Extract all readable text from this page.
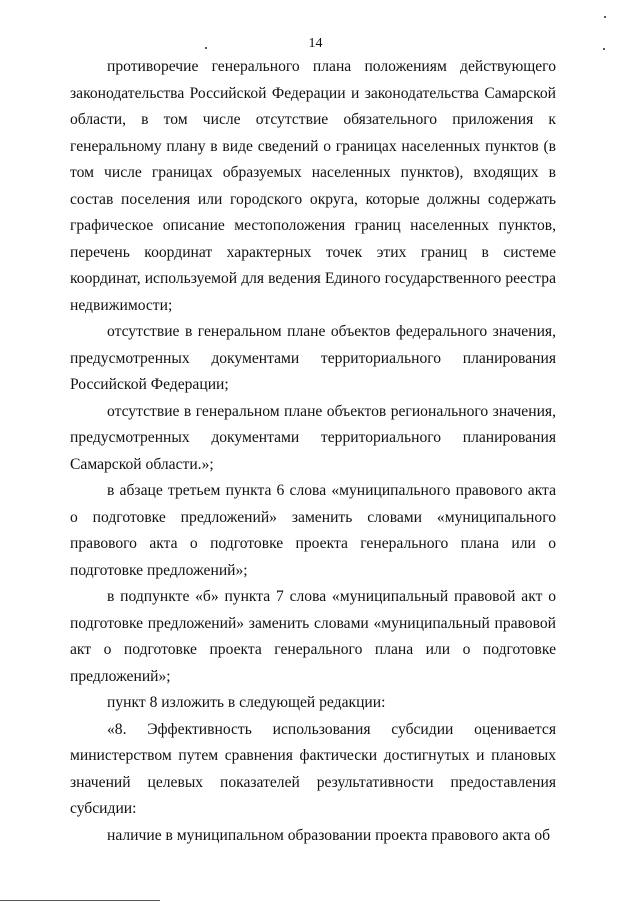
14

противоречие генерального плана положениям действующего законодательства Российской Федерации и законодательства Самарской области, в том числе отсутствие обязательного приложения к генеральному плану в виде сведений о границах населенных пунктов (в том числе границах образуемых населенных пунктов), входящих в состав поселения или городского округа, которые должны содержать графическое описание местоположения границ населенных пунктов, перечень координат характерных точек этих границ в системе координат, используемой для ведения Единого государственного реестра недвижимости;

отсутствие в генеральном плане объектов федерального значения, предусмотренных документами территориального планирования Российской Федерации;

отсутствие в генеральном плане объектов регионального значения, предусмотренных документами территориального планирования Самарской области.»;

в абзаце третьем пункта 6 слова «муниципального правового акта о подготовке предложений» заменить словами «муниципального правового акта о подготовке проекта генерального плана или о подготовке предложений»;

в подпункте «б» пункта 7 слова «муниципальный правовой акт о подготовке предложений» заменить словами «муниципальный правовой акт о подготовке проекта генерального плана или о подготовке предложений»;

пункт 8 изложить в следующей редакции:

«8. Эффективность использования субсидии оценивается министерством путем сравнения фактически достигнутых и плановых значений целевых показателей результативности предоставления субсидии:

наличие в муниципальном образовании проекта правового акта об
